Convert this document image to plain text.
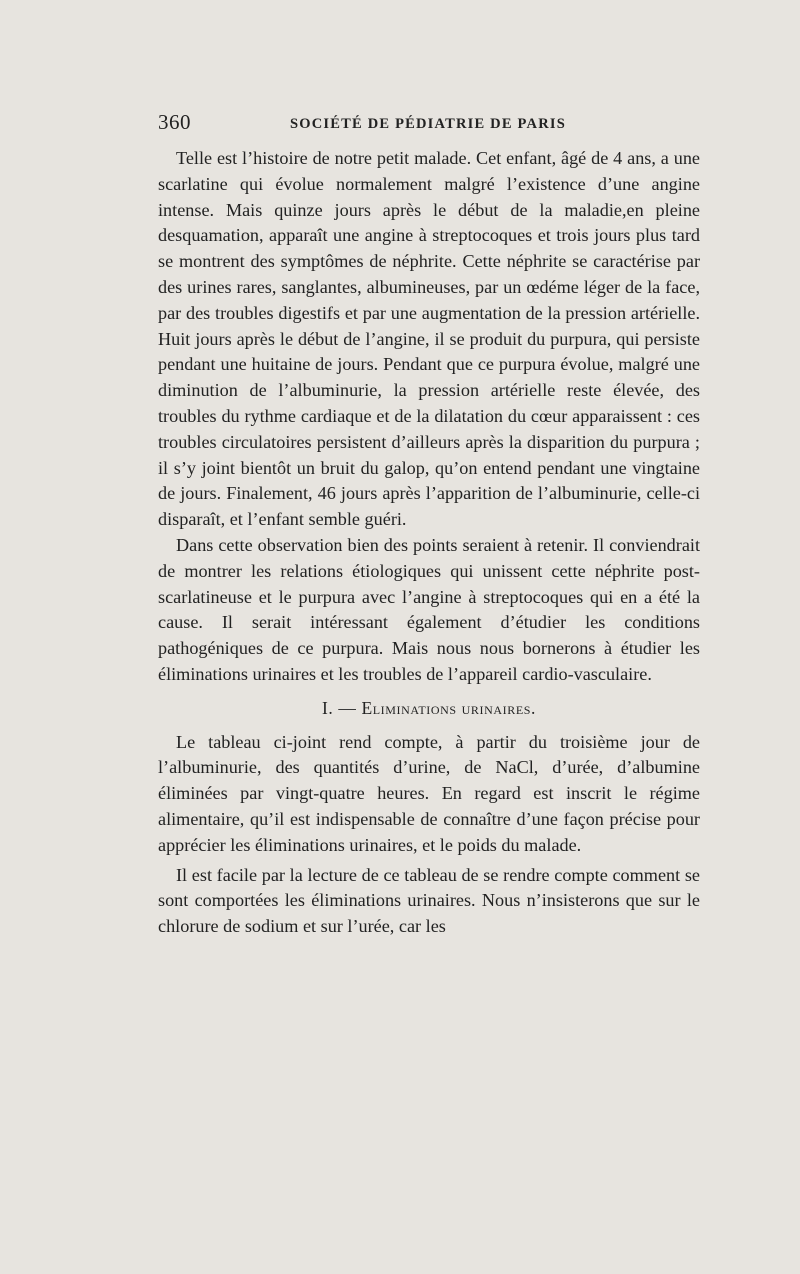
360	SOCIÉTÉ DE PÉDIATRIE DE PARIS

Telle est l’histoire de notre petit malade. Cet enfant, âgé de 4 ans, a une scarlatine qui évolue normalement malgré l’existence d’une angine intense. Mais quinze jours après le début de la maladie,en pleine desquamation, apparaît une angine à streptocoques et trois jours plus tard se montrent des symptômes de néphrite. Cette néphrite se caractérise par des urines rares, sanglantes, albumineuses, par un œdéme léger de la face, par des troubles digestifs et par une augmentation de la pression artérielle. Huit jours après le début de l’angine, il se produit du purpura, qui persiste pendant une huitaine de jours. Pendant que ce purpura évolue, malgré une diminution de l’albuminurie, la pression artérielle reste élevée, des troubles du rythme cardiaque et de la dilatation du cœur apparaissent : ces troubles circulatoires persistent d’ailleurs après la disparition du purpura ; il s’y joint bientôt un bruit du galop, qu’on entend pendant une vingtaine de jours. Finalement, 46 jours après l’apparition de l’albuminurie, celle-ci disparaît, et l’enfant semble guéri.

Dans cette observation bien des points seraient à retenir. Il conviendrait de montrer les relations étiologiques qui unissent cette néphrite post-scarlatineuse et le purpura avec l’angine à streptocoques qui en a été la cause. Il serait intéressant également d’étudier les conditions pathogéniques de ce purpura. Mais nous nous bornerons à étudier les éliminations urinaires et les troubles de l’appareil cardio-vasculaire.

I. — Eliminations urinaires.

Le tableau ci-joint rend compte, à partir du troisième jour de l’albuminurie, des quantités d’urine, de NaCl, d’urée, d’albumine éliminées par vingt-quatre heures. En regard est inscrit le régime alimentaire, qu’il est indispensable de connaître d’une façon précise pour apprécier les éliminations urinaires, et le poids du malade.

Il est facile par la lecture de ce tableau de se rendre compte comment se sont comportées les éliminations urinaires. Nous n’insisterons que sur le chlorure de sodium et sur l’urée, car les
